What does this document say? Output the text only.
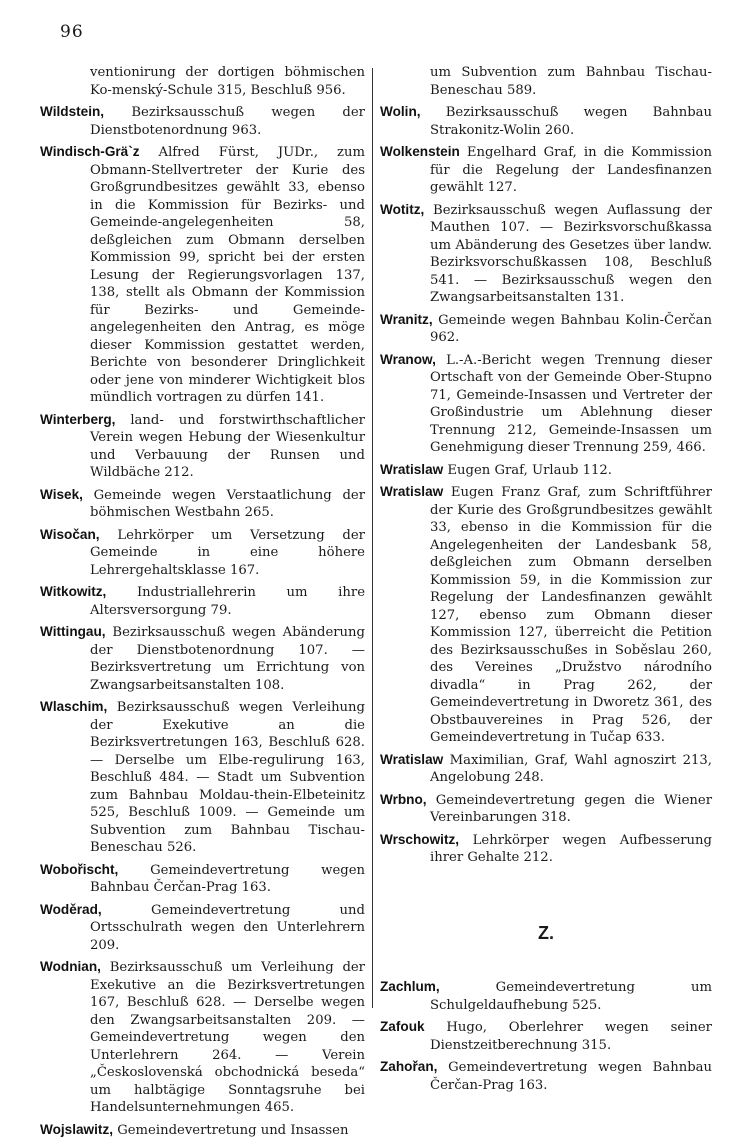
96

ventionirung der dortigen böhmischen Ko-menský-Schule 315, Beschluß 956.

Wildstein, Bezirksausschuß wegen der Dienstbotenordnung 963.

Windisch-Grä`z Alfred Fürst, JUDr., zum Obmann-Stellvertreter der Kurie des Großgrundbesitzes gewählt 33, ebenso in die Kommission für Bezirks- und Gemeinde-angelegenheiten 58, deßgleichen zum Obmann derselben Kommission 99, spricht bei der ersten Lesung der Regierungsvorlagen 137, 138, stellt als Obmann der Kommission für Bezirks- und Gemeinde-angelegenheiten den Antrag, es möge dieser Kommission gestattet werden, Berichte von besonderer Dringlichkeit oder jene von minderer Wichtigkeit blos mündlich vortragen zu dürfen 141.

Winterberg, land- und forstwirthschaftlicher Verein wegen Hebung der Wiesenkultur und Verbauung der Runsen und Wildbäche 212.

Wisek, Gemeinde wegen Verstaatlichung der böhmischen Westbahn 265.

Wisočan, Lehrkörper um Versetzung der Gemeinde in eine höhere Lehrergehaltsklasse 167.

Witkowitz, Industriallehrerin um ihre Altersversorgung 79.

Wittingau, Bezirksausschuß wegen Abänderung der Dienstbotenordnung 107. — Bezirksvertretung um Errichtung von Zwangsarbeitsanstalten 108.

Wlaschim, Bezirksausschuß wegen Verleihung der Exekutive an die Bezirksvertretungen 163, Beschluß 628. — Derselbe um Elbe-regulirung 163, Beschluß 484. — Stadt um Subvention zum Bahnbau Moldau-thein-Elbeteinitz 525, Beschluß 1009. — Gemeinde um Subvention zum Bahnbau Tischau-Beneschau 526.

Wobořischt, Gemeindevertretung wegen Bahnbau Čerčan-Prag 163.

Woděrad, Gemeindevertretung und Ortsschulrath wegen den Unterlehrern 209.

Wodnian, Bezirksausschuß um Verleihung der Exekutive an die Bezirksvertretungen 167, Beschluß 628. — Derselbe wegen den Zwangsarbeitsanstalten 209. — Gemeindevertretung wegen den Unterlehrern 264. — Verein „Československá obchodnická beseda“ um halbtägige Sonntagsruhe bei Handelsunternehmungen 465.

Wojslawitz, Gemeindevertretung und Insassen

um Subvention zum Bahnbau Tischau-Beneschau 589.

Wolin, Bezirksausschuß wegen Bahnbau Strakonitz-Wolin 260.

Wolkenstein Engelhard Graf, in die Kommission für die Regelung der Landesfinanzen gewählt 127.

Wotitz, Bezirksausschuß wegen Auflassung der Mauthen 107. — Bezirksvorschußkassa um Abänderung des Gesetzes über landw. Bezirksvorschußkassen 108, Beschluß 541. — Bezirksausschuß wegen den Zwangsarbeitsanstalten 131.

Wranitz, Gemeinde wegen Bahnbau Kolin-Čerčan 962.

Wranow, L.-A.-Bericht wegen Trennung dieser Ortschaft von der Gemeinde Ober-Stupno 71, Gemeinde-Insassen und Vertreter der Großindustrie um Ablehnung dieser Trennung 212, Gemeinde-Insassen um Genehmigung dieser Trennung 259, 466.

Wratislaw Eugen Graf, Urlaub 112.

Wratislaw Eugen Franz Graf, zum Schriftführer der Kurie des Großgrundbesitzes gewählt 33, ebenso in die Kommission für die Angelegenheiten der Landesbank 58, deßgleichen zum Obmann derselben Kommission 59, in die Kommission zur Regelung der Landesfinanzen gewählt 127, ebenso zum Obmann dieser Kommission 127, überreicht die Petition des Bezirksausschußes in Soběslau 260, des Vereines „Družstvo národního divadla“ in Prag 262, der Gemeindevertretung in Dworetz 361, des Obstbauvereines in Prag 526, der Gemeindevertretung in Tučap 633.

Wratislaw Maximilian, Graf, Wahl agnoszirt 213, Angelobung 248.

Wrbno, Gemeindevertretung gegen die Wiener Vereinbarungen 318.

Wrschowitz, Lehrkörper wegen Aufbesserung ihrer Gehalte 212.

Z.

Zachlum, Gemeindevertretung um Schulgeldaufhebung 525.

Zafouk Hugo, Oberlehrer wegen seiner Dienstzeitberechnung 315.

Zahořan, Gemeindevertretung wegen Bahnbau Čerčan-Prag 163.
